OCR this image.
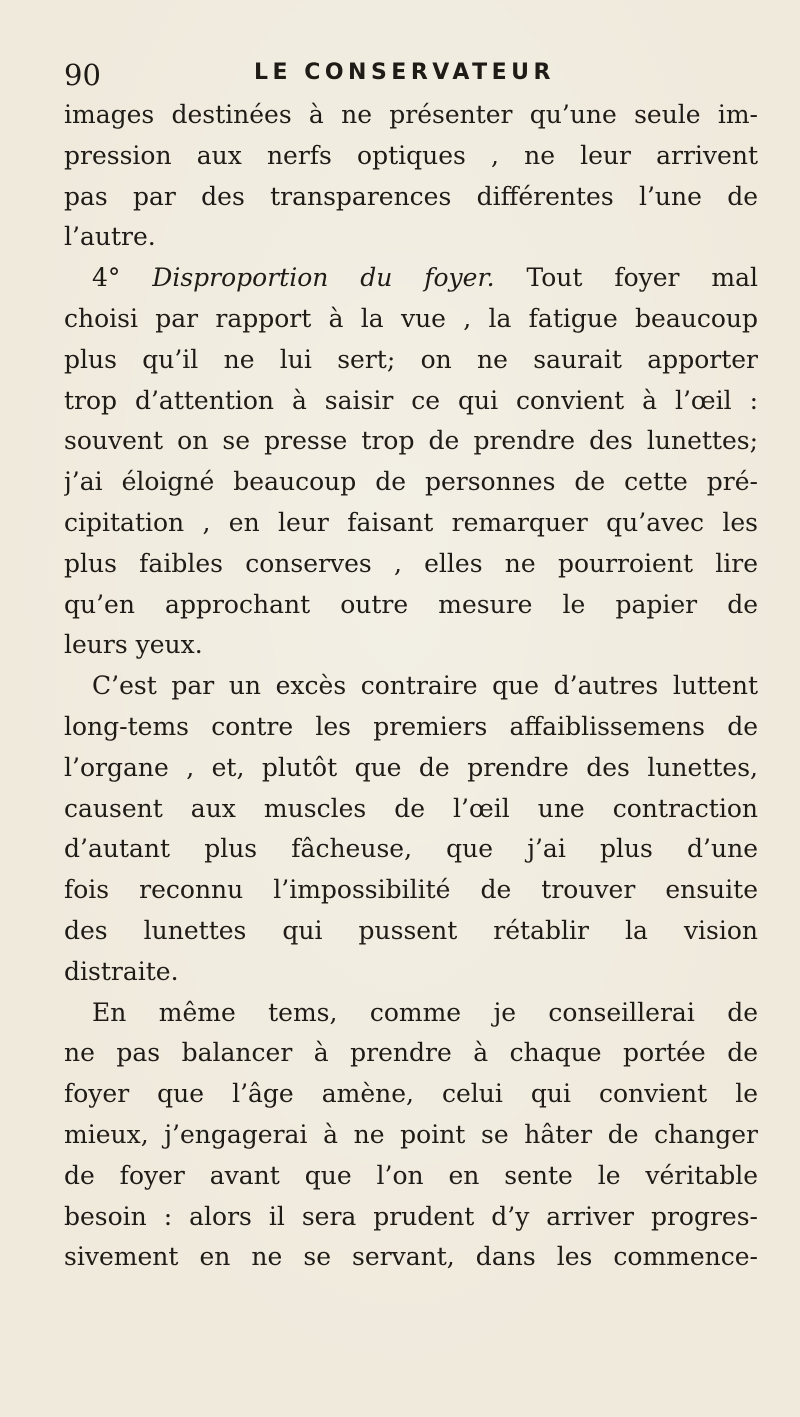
90	LE CONSERVATEUR
images destinées à ne présenter qu’une seule im-
pression aux nerfs optiques , ne leur arrivent
pas par des transparences différentes l’une de
l’autre.
4° Disproportion du foyer. Tout foyer mal
choisi par rapport à la vue , la fatigue beaucoup
plus qu’il ne lui sert; on ne saurait apporter
trop d’attention à saisir ce qui convient à l’œil :
souvent on se presse trop de prendre des lunettes;
j’ai éloigné beaucoup de personnes de cette pré-
cipitation , en leur faisant remarquer qu’avec les
plus faibles conserves , elles ne pourroient lire
qu’en approchant outre mesure le papier de
leurs yeux.
C’est par un excès contraire que d’autres luttent
long-tems contre les premiers affaiblissemens de
l’organe , et, plutôt que de prendre des lunettes,
causent aux muscles de l’œil une contraction
d’autant plus fâcheuse, que j’ai plus d’une
fois reconnu l’impossibilité de trouver ensuite
des lunettes qui pussent rétablir la vision
distraite.
En même tems, comme je conseillerai de
ne pas balancer à prendre à chaque portée de
foyer que l’âge amène, celui qui convient le
mieux, j’engagerai à ne point se hâter de changer
de foyer avant que l’on en sente le véritable
besoin : alors il sera prudent d’y arriver progres-
sivement en ne se servant, dans les commence-
